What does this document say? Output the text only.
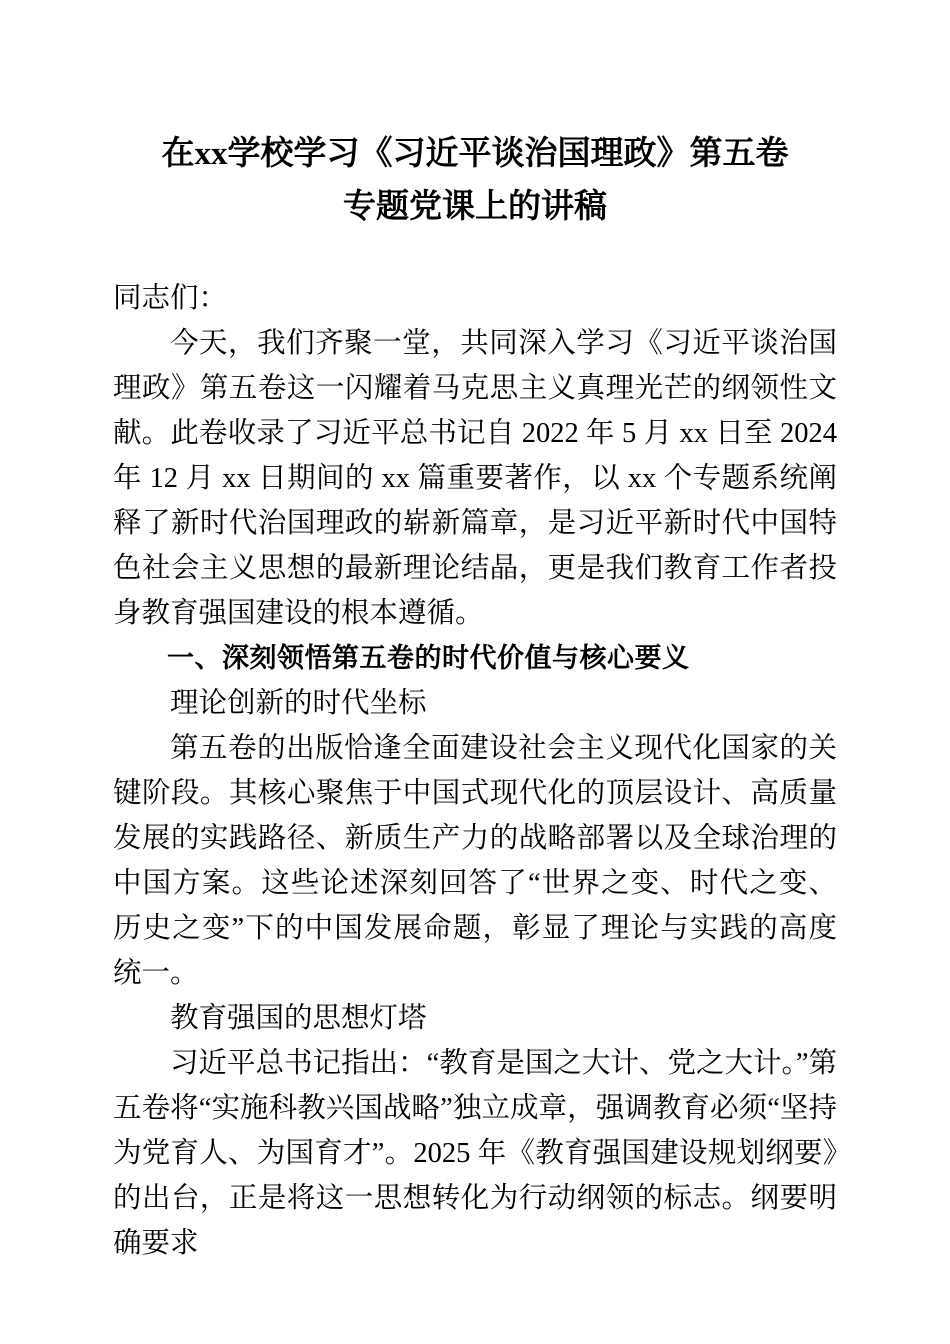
在xx学校学习《习近平谈治国理政》第五卷
专题党课上的讲稿

同志们：

今天，我们齐聚一堂，共同深入学习《习近平谈治国理政》第五卷这一闪耀着马克思主义真理光芒的纲领性文献。此卷收录了习近平总书记自 2022 年 5 月 xx 日至 2024 年 12 月 xx 日期间的 xx 篇重要著作，以 xx 个专题系统阐释了新时代治国理政的崭新篇章，是习近平新时代中国特色社会主义思想的最新理论结晶，更是我们教育工作者投身教育强国建设的根本遵循。

一、深刻领悟第五卷的时代价值与核心要义

理论创新的时代坐标

第五卷的出版恰逢全面建设社会主义现代化国家的关键阶段。其核心聚焦于中国式现代化的顶层设计、高质量发展的实践路径、新质生产力的战略部署以及全球治理的中国方案。这些论述深刻回答了“世界之变、时代之变、历史之变”下的中国发展命题，彰显了理论与实践的高度统一。

教育强国的思想灯塔

习近平总书记指出：“教育是国之大计、党之大计。”第五卷将“实施科教兴国战略”独立成章，强调教育必须“坚持为党育人、为国育才”。2025 年《教育强国建设规划纲要》的出台，正是将这一思想转化为行动纲领的标志。纲要明确要求
